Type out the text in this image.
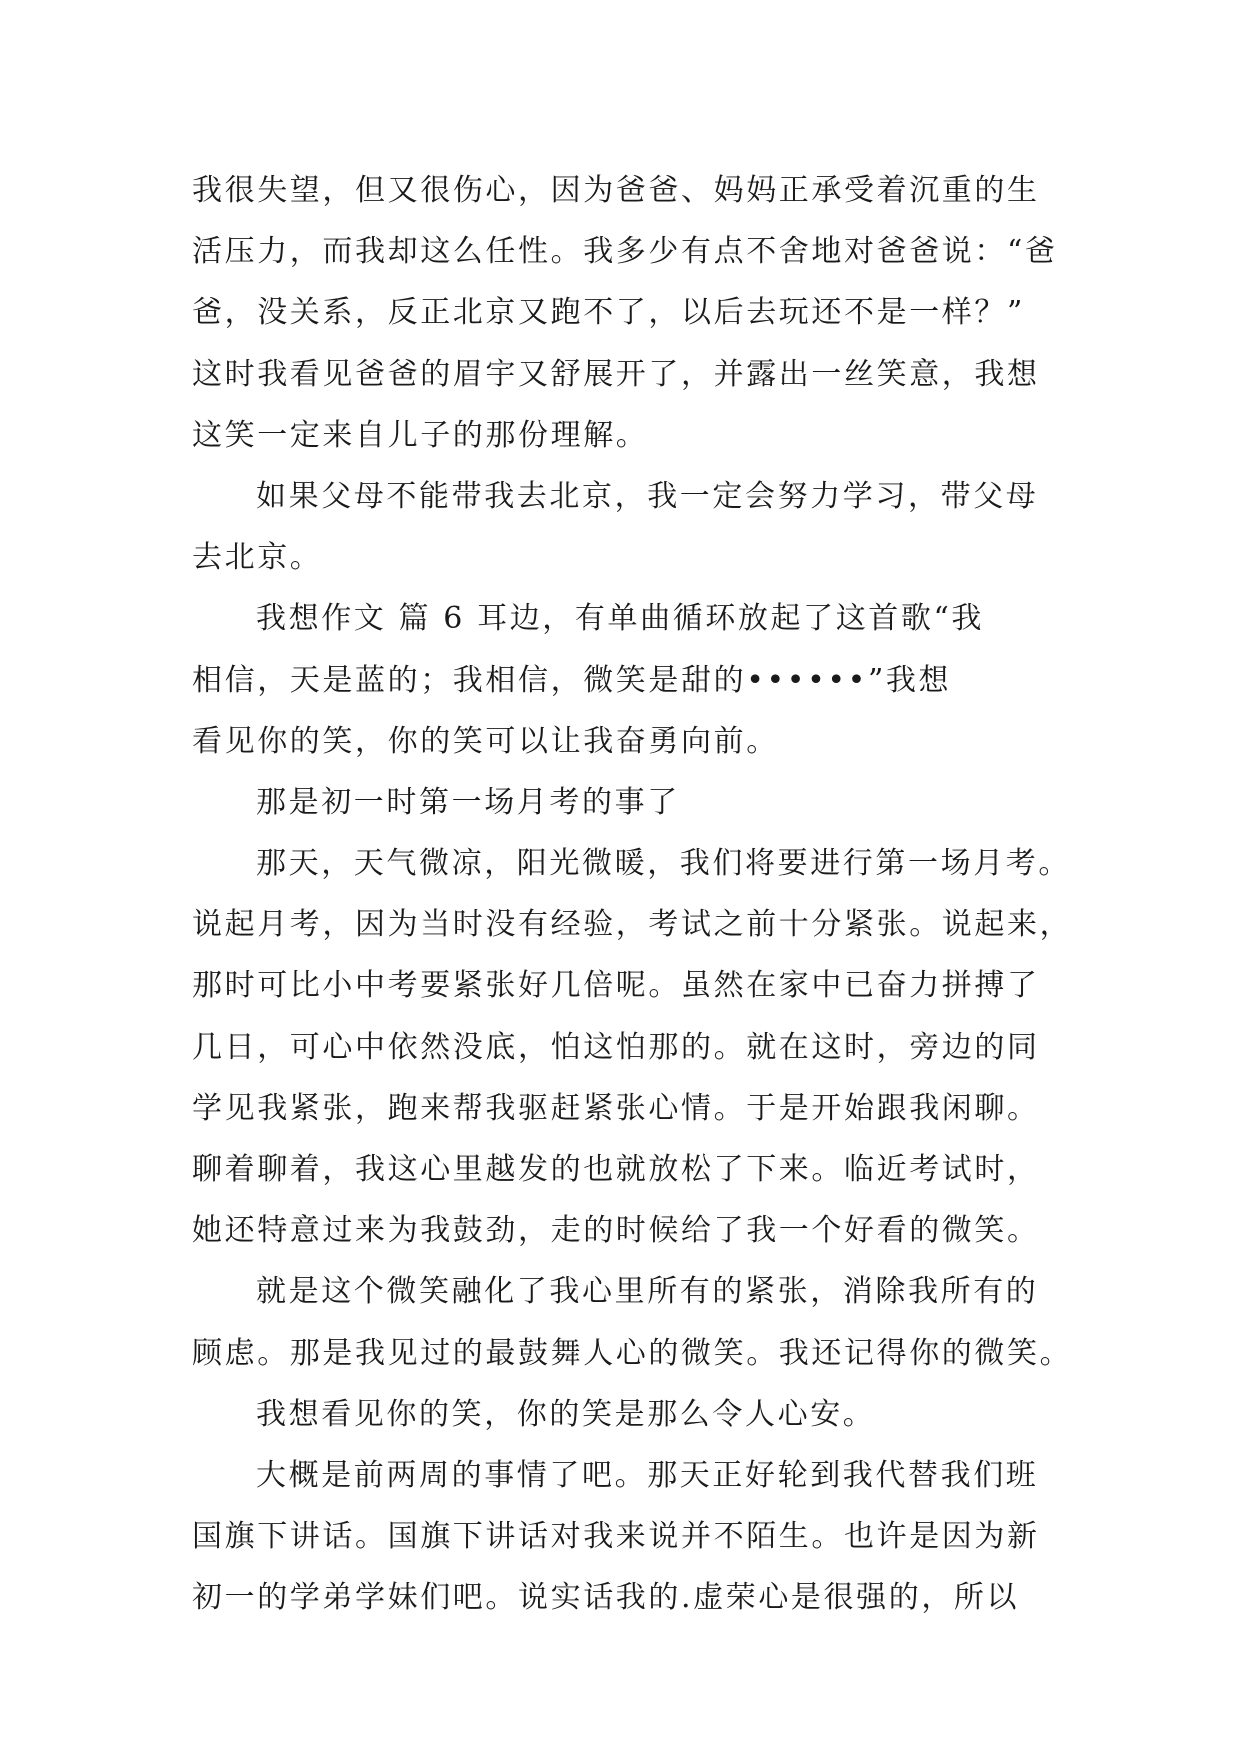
我很失望，但又很伤心，因为爸爸、妈妈正承受着沉重的生
活压力，而我却这么任性。我多少有点不舍地对爸爸说：“爸
爸，没关系，反正北京又跑不了，以后去玩还不是一样？”
这时我看见爸爸的眉宇又舒展开了，并露出一丝笑意，我想
这笑一定来自儿子的那份理解。
如果父母不能带我去北京，我一定会努力学习，带父母
去北京。
我想作文 篇 6 耳边，有单曲循环放起了这首歌“我
相信，天是蓝的；我相信，微笑是甜的••••••”我想
看见你的笑，你的笑可以让我奋勇向前。
那是初一时第一场月考的事了
那天，天气微凉，阳光微暖，我们将要进行第一场月考。
说起月考，因为当时没有经验，考试之前十分紧张。说起来，
那时可比小中考要紧张好几倍呢。虽然在家中已奋力拼搏了
几日，可心中依然没底，怕这怕那的。就在这时，旁边的同
学见我紧张，跑来帮我驱赶紧张心情。于是开始跟我闲聊。
聊着聊着，我这心里越发的也就放松了下来。临近考试时，
她还特意过来为我鼓劲，走的时候给了我一个好看的微笑。
就是这个微笑融化了我心里所有的紧张，消除我所有的
顾虑。那是我见过的最鼓舞人心的微笑。我还记得你的微笑。
我想看见你的笑，你的笑是那么令人心安。
大概是前两周的事情了吧。那天正好轮到我代替我们班
国旗下讲话。国旗下讲话对我来说并不陌生。也许是因为新
初一的学弟学妹们吧。说实话我的.虚荣心是很强的，所以
